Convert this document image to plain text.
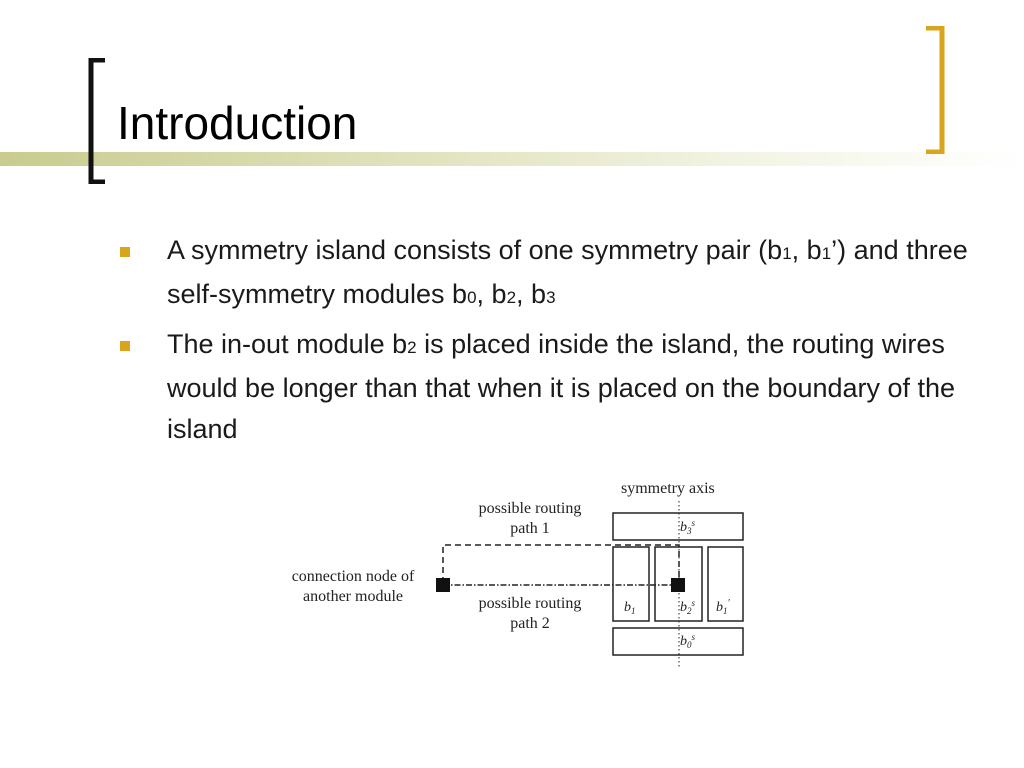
Introduction
A symmetry island consists of one symmetry pair (b1, b1’) and three self-symmetry modules b0, b2, b3
The in-out module b2 is placed inside the island, the routing wires would be longer than that when it is placed on the boundary of the island
symmetry axis
possible routing
path 1
connection node of
another module	possible routing
path 2
$b_3^s$
$b_1$	$b_2^s$ $b_1'$
$b_0^s$
